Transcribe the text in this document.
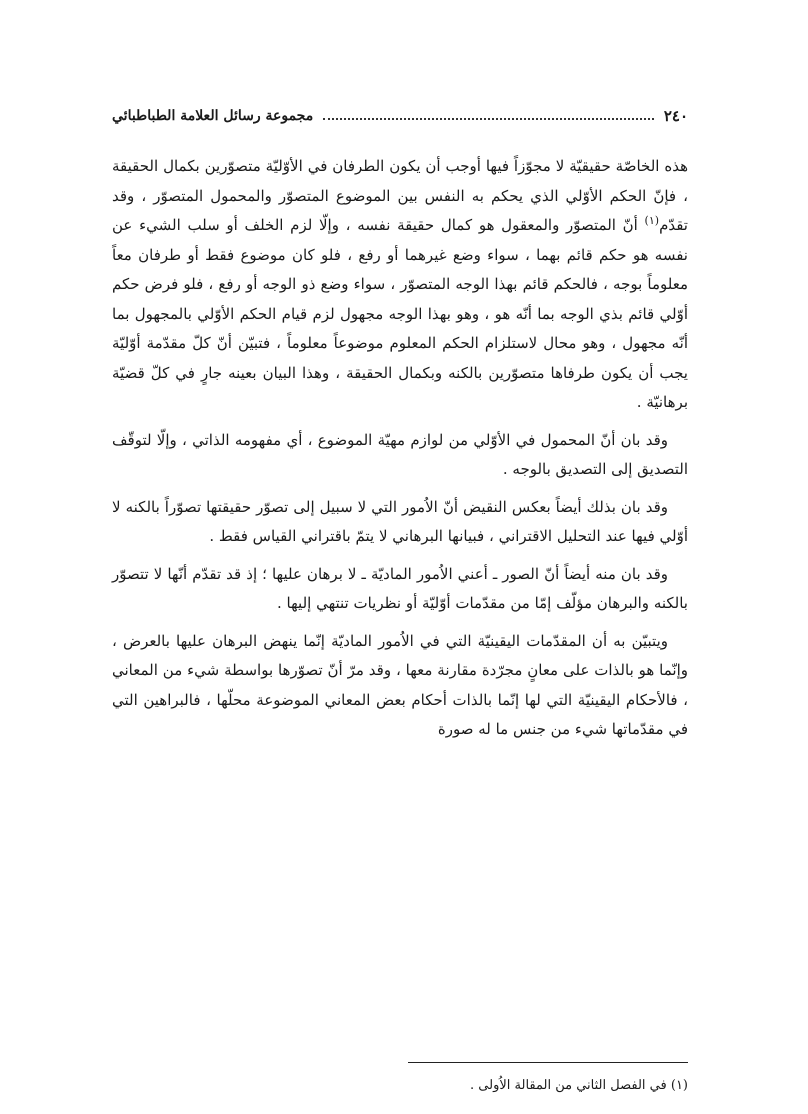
٢٤٠
مجموعة رسائل العلامة الطباطبائي

هذه الخاصّة حقيقيّة لا مجوّزاً فيها أوجب أن يكون الطرفان في الأوّليّة متصوّرين بكمال الحقيقة ، فإنّ الحكم الأوّلي الذي يحكم به النفس بين الموضوع المتصوّر والمحمول المتصوّر ، وقد تقدّم$^{(١)}$ أنّ المتصوّر والمعقول هو كمال حقيقة نفسه ، وإلّا لزم الخلف أو سلب الشيء عن نفسه هو حكم قائم بهما ، سواء وضع غيرهما أو رفع ، فلو كان موضوع فقط أو طرفان معاً معلوماً بوجه ، فالحكم قائم بهذا الوجه المتصوّر ، سواء وضع ذو الوجه أو رفع ، فلو فرض حكم أوّلي قائم بذي الوجه بما أنّه هو ، وهو بهذا الوجه مجهول لزم قيام الحكم الأوّلي بالمجهول بما أنّه مجهول ، وهو محال لاستلزام الحكم المعلوم موضوعاً معلوماً ، فتبيّن أنّ كلّ مقدّمة أوّليّة يجب أن يكون طرفاها متصوّرين بالكنه وبكمال الحقيقة ، وهذا البيان بعينه جارٍ في كلّ قضيّة برهانيّة .

وقد بان أنّ المحمول في الأوّلي من لوازم مهيّة الموضوع ، أي مفهومه الذاتي ، وإلّا لتوقّف التصديق إلى التصديق بالوجه .

وقد بان بذلك أيضاً بعكس النقيض أنّ الاُمور التي لا سبيل إلى تصوّر حقيقتها تصوّراً بالكنه لا أوّلي فيها عند التحليل الاقتراني ، فبيانها البرهاني لا يتمّ باقتراني القياس فقط .

وقد بان منه أيضاً أنّ الصور ـ أعني الاُمور الماديّة ـ لا برهان عليها ؛ إذ قد تقدّم أنّها لا تتصوّر بالكنه والبرهان مؤلّف إمّا من مقدّمات أوّليّة أو نظريات تنتهي إليها .

ويتبيّن به أن المقدّمات اليقينيّة التي في الاُمور الماديّة إنّما ينهض البرهان عليها بالعرض ، وإنّما هو بالذات على معانٍ مجرّدة مقارنة معها ، وقد مرّ أنّ تصوّرها بواسطة شيء من المعاني ، فالأحكام اليقينيّة التي لها إنّما بالذات أحكام بعض المعاني الموضوعة محلّها ، فالبراهين التي في مقدّماتها شيء من جنس ما له صورة

(١) في الفصل الثاني من المقالة الاُولى .
